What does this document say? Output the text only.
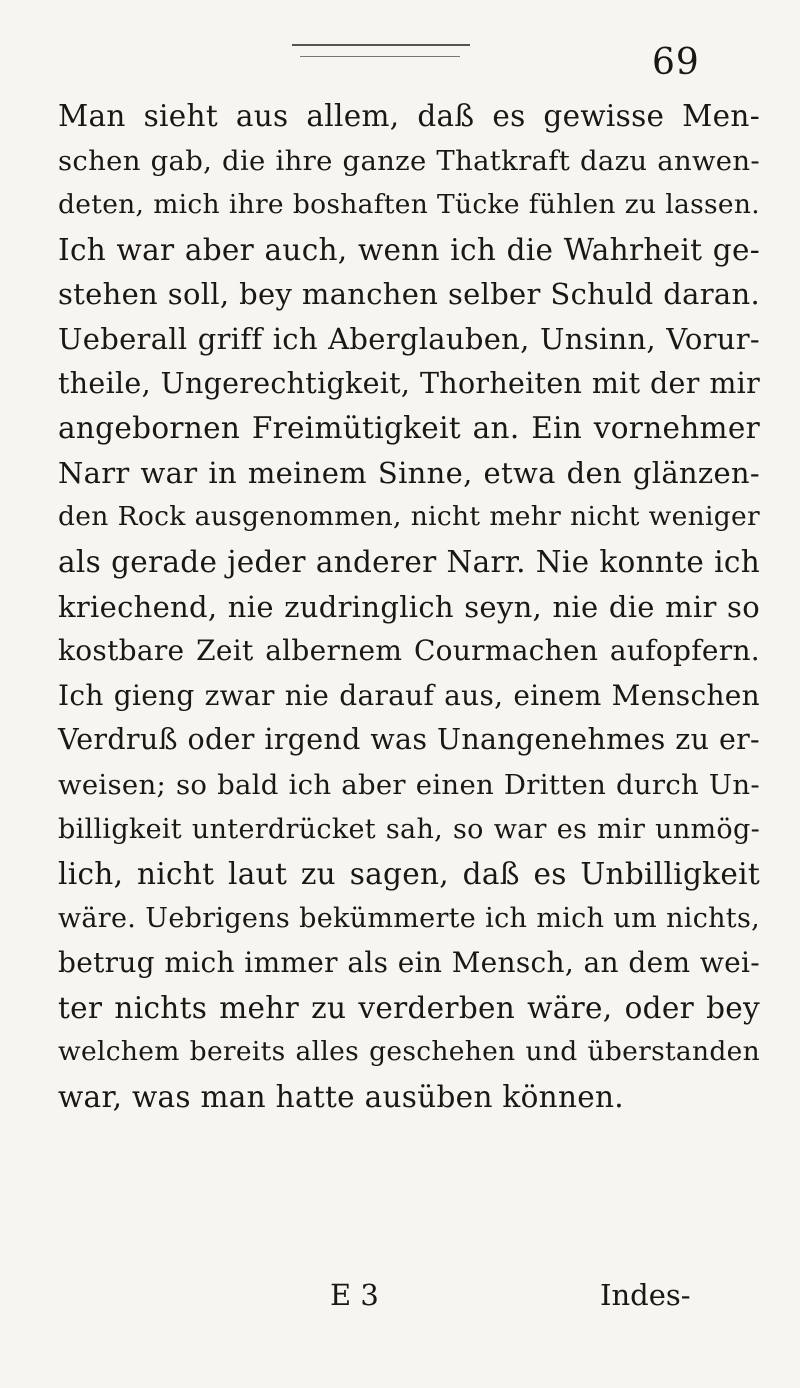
69
Man sieht aus allem, daß es gewisse Men-
schen gab, die ihre ganze Thatkraft dazu anwen-
deten, mich ihre boshaften Tücke fühlen zu lassen.
Ich war aber auch, wenn ich die Wahrheit ge-
stehen soll, bey manchen selber Schuld daran.
Ueberall griff ich Aberglauben, Unsinn, Vorur-
theile, Ungerechtigkeit, Thorheiten mit der mir
angebornen Freimütigkeit an. Ein vornehmer
Narr war in meinem Sinne, etwa den glänzen-
den Rock ausgenommen, nicht mehr nicht weniger
als gerade jeder anderer Narr. Nie konnte ich
kriechend, nie zudringlich seyn, nie die mir so
kostbare Zeit albernem Courmachen aufopfern.
Ich gieng zwar nie darauf aus, einem Menschen
Verdruß oder irgend was Unangenehmes zu er-
weisen; so bald ich aber einen Dritten durch Un-
billigkeit unterdrücket sah, so war es mir unmög-
lich, nicht laut zu sagen, daß es Unbilligkeit
wäre. Uebrigens bekümmerte ich mich um nichts,
betrug mich immer als ein Mensch, an dem wei-
ter nichts mehr zu verderben wäre, oder bey
welchem bereits alles geschehen und überstanden
war, was man hatte ausüben können.
E 3	Indes-
